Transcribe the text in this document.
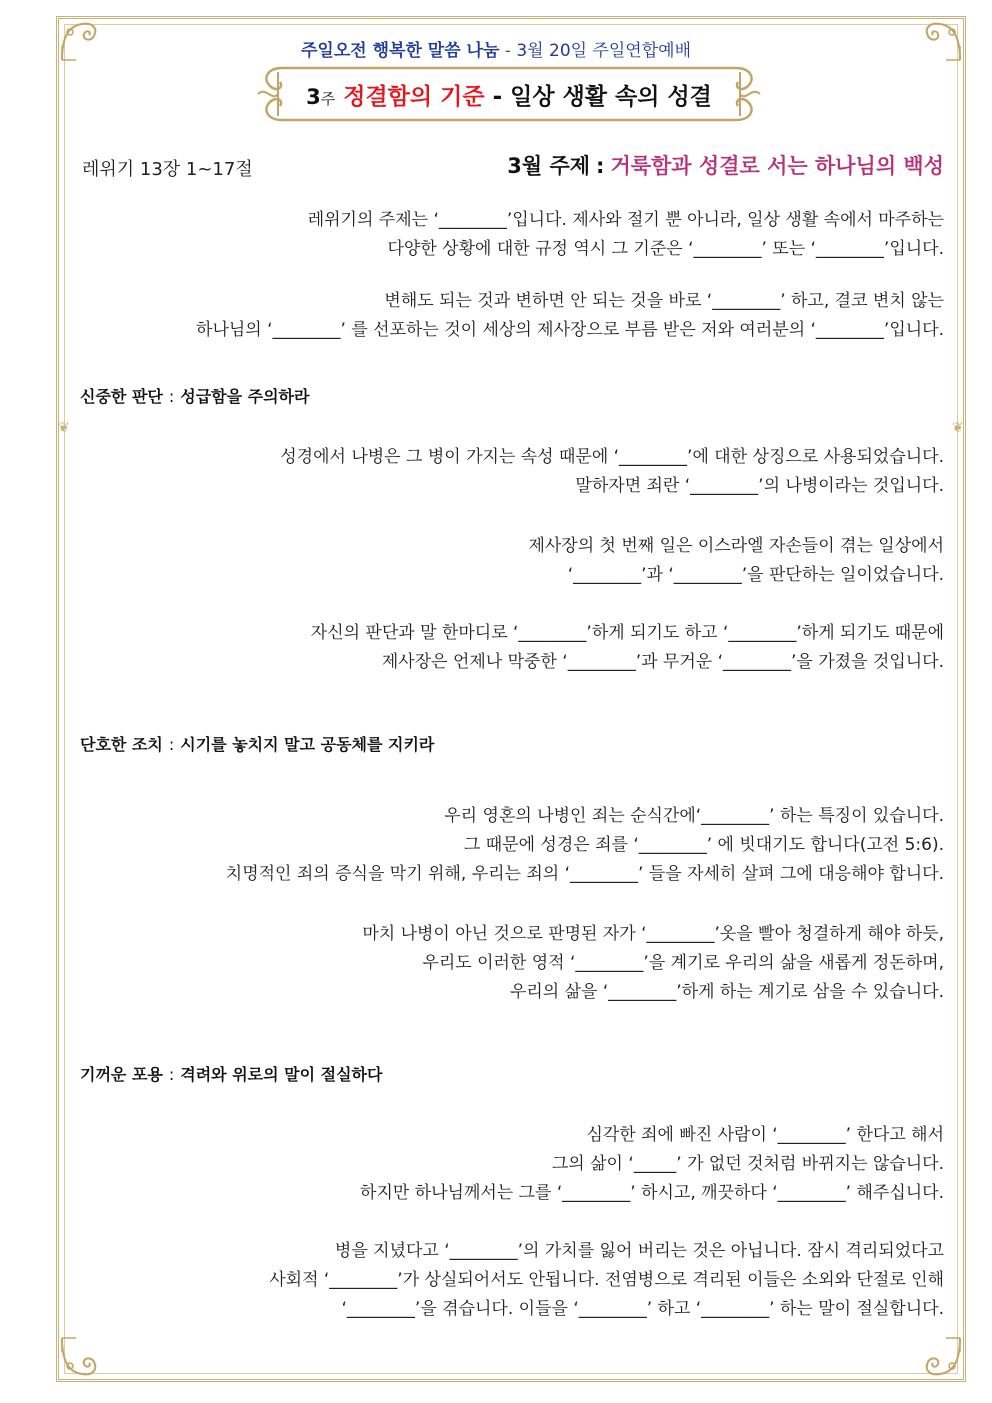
❦	❦
주일오전 행복한 말씀 나눔 - 3월 20일 주일연합예배
3주 정결함의 기준 - 일상 생활 속의 성결
레위기 13장 1~17절	3월 주제 : 거룩함과 성결로 서는 하나님의 백성
레위기의 주제는 ‘________’입니다. 제사와 절기 뿐 아니라, 일상 생활 속에서 마주하는
다양한 상황에 대한 규정 역시 그 기준은 ‘________’ 또는 ‘________’입니다.
변해도 되는 것과 변하면 안 되는 것을 바로 ‘________’ 하고, 결코 변치 않는
하나님의 ‘________’ 를 선포하는 것이 세상의 제사장으로 부름 받은 저와 여러분의 ‘________’입니다.
신중한 판단 : 성급함을 주의하라
성경에서 나병은 그 병이 가지는 속성 때문에 ‘________’에 대한 상징으로 사용되었습니다.
말하자면 죄란 ‘________’의 나병이라는 것입니다.
제사장의 첫 번째 일은 이스라엘 자손들이 겪는 일상에서
‘________’과 ‘________’을 판단하는 일이었습니다.
자신의 판단과 말 한마디로 ‘________’하게 되기도 하고 ‘________’하게 되기도 때문에
제사장은 언제나 막중한 ‘________’과 무거운 ‘________’을 가졌을 것입니다.
단호한 조치 : 시기를 놓치지 말고 공동체를 지키라
우리 영혼의 나병인 죄는 순식간에‘________’ 하는 특징이 있습니다.
그 때문에 성경은 죄를 ‘________’ 에 빗대기도 합니다(고전 5:6).
치명적인 죄의 증식을 막기 위해, 우리는 죄의 ‘________’ 들을 자세히 살펴 그에 대응해야 합니다.
마치 나병이 아닌 것으로 판명된 자가 ‘________’옷을 빨아 청결하게 해야 하듯,
우리도 이러한 영적 ‘________’을 계기로 우리의 삶을 새롭게 정돈하며,
우리의 삶을 ‘________’하게 하는 계기로 삼을 수 있습니다.
기꺼운 포용 : 격려와 위로의 말이 절실하다
심각한 죄에 빠진 사람이 ‘________’ 한다고 해서
그의 삶이 ‘_____’ 가 없던 것처럼 바뀌지는 않습니다.
하지만 하나님께서는 그를 ‘________’ 하시고, 깨끗하다 ‘________’ 해주십니다.
병을 지녔다고 ‘________’의 가치를 잃어 버리는 것은 아닙니다. 잠시 격리되었다고
사회적 ‘________’가 상실되어서도 안됩니다. 전염병으로 격리된 이들은 소외와 단절로 인해
‘________’을 겪습니다. 이들을 ‘________’ 하고 ‘________’ 하는 말이 절실합니다.
